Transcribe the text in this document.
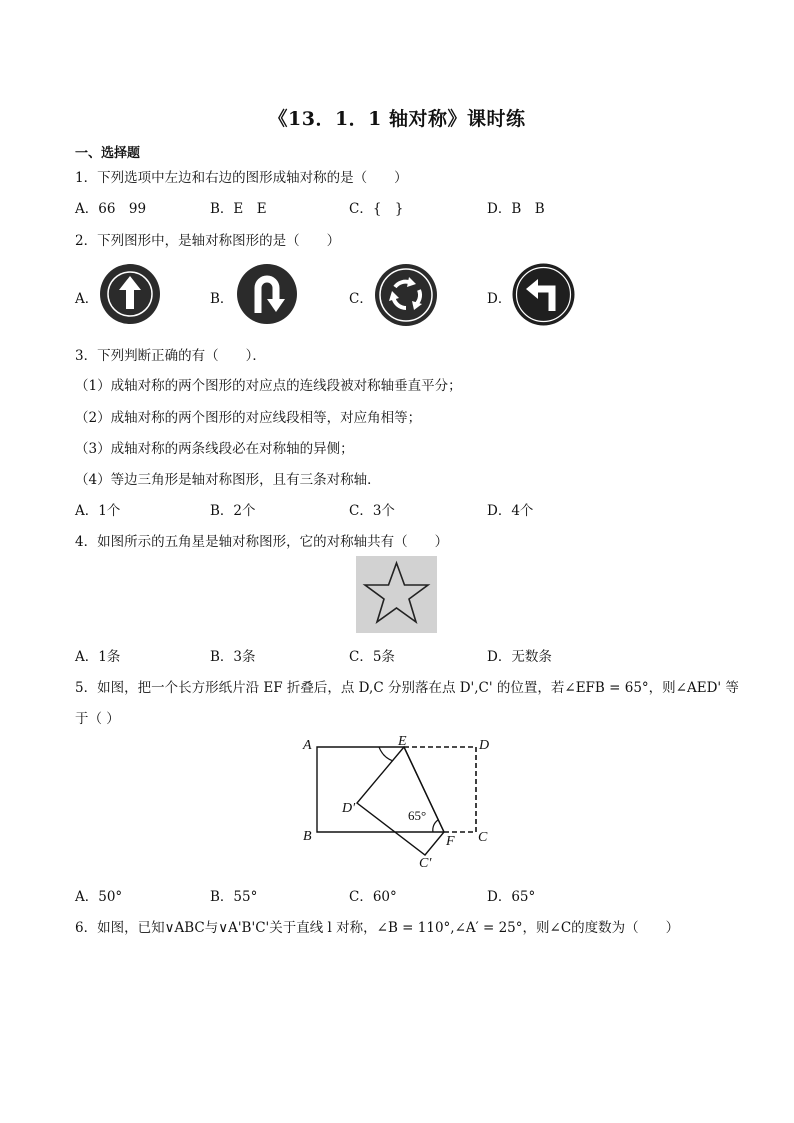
《13．1．1 轴对称》课时练
一、选择题
1．下列选项中左边和右边的图形成轴对称的是（　　）
A．66　99	B．E　E	C．{　}	D．B　B
2．下列图形中，是轴对称图形的是（　　）
A．	B．	C．	D．
3．下列判断正确的有（　　）．
（1）成轴对称的两个图形的对应点的连线段被对称轴垂直平分；
（2）成轴对称的两个图形的对应线段相等，对应角相等；
（3）成轴对称的两条线段必在对称轴的异侧；
（4）等边三角形是轴对称图形，且有三条对称轴．
A．1个	B．2个	C．3个	D．4个
4．如图所示的五角星是轴对称图形，它的对称轴共有（　　）
A．1条	B．3条	C．5条	D．无数条
5．如图，把一个长方形纸片沿 EF 折叠后，点 D,C 分别落在点 D',C' 的位置，若∠EFB = 65°，则∠AED' 等
于（ ）
A	E	D
D′	65°
B	F C
C′
A．50°	B．55°	C．60°	D．65°
6．如图，已知∨ABC与∨A'B'C'关于直线 l 对称，∠B = 110°,∠A′ = 25°，则∠C的度数为（　　）
